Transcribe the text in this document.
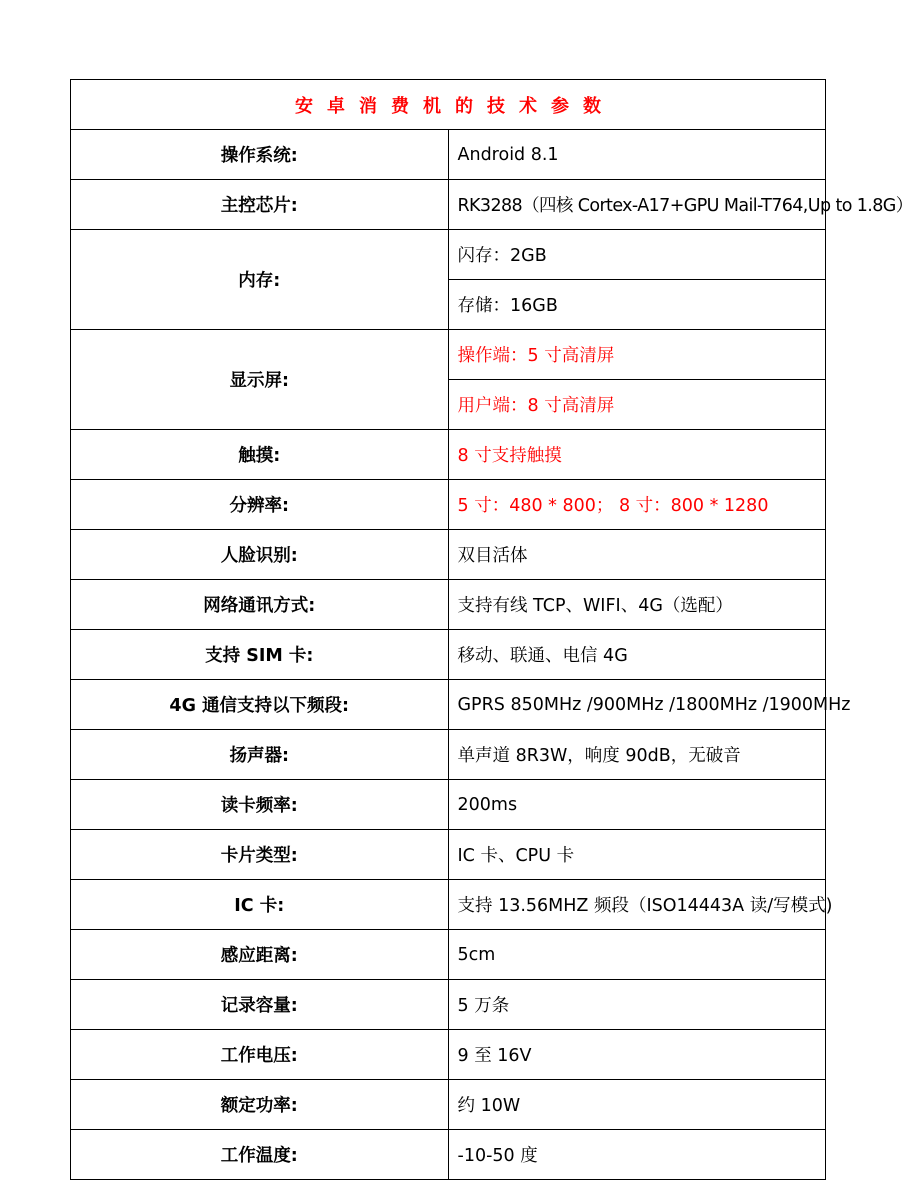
安卓消费机的技术参数	
操作系统:	Android 8.1
主控芯片:	RK3288（四核 Cortex-A17+GPU Mail-T764,Up to 1.8G）
内存:	闪存：2GB
	存储：16GB
显示屏:	操作端：5 寸高清屏
	用户端：8 寸高清屏
触摸:	8 寸支持触摸
分辨率:	5 寸：480 * 800； 8 寸：800 * 1280
人脸识别:	双目活体
网络通讯方式:	支持有线 TCP、WIFI、4G（选配）
支持 SIM 卡:	移动、联通、电信 4G
4G 通信支持以下频段:	GPRS 850MHz /900MHz /1800MHz /1900MHz
扬声器:	单声道 8R3W，响度 90dB，无破音
读卡频率:	200ms
卡片类型:	IC 卡、CPU 卡
IC 卡:	支持 13.56MHZ 频段（ISO14443A 读/写模式)
感应距离:	5cm
记录容量:	5 万条
工作电压:	9 至 16V
额定功率:	约 10W
工作温度:	-10-50 度
